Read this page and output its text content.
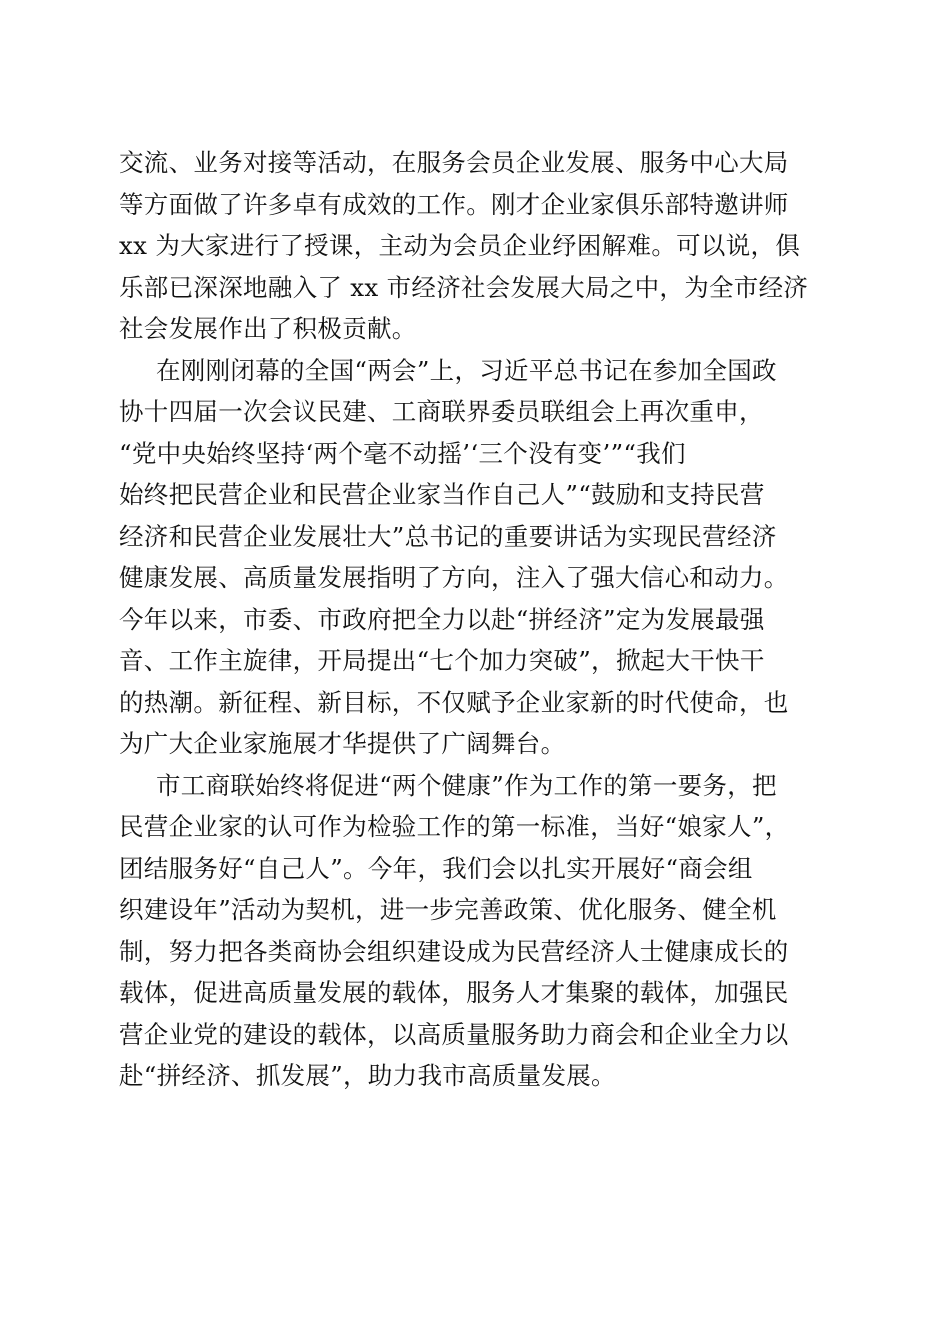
交流、业务对接等活动，在服务会员企业发展、服务中心大局
等方面做了许多卓有成效的工作。刚才企业家俱乐部特邀讲师
xx 为大家进行了授课，主动为会员企业纾困解难。可以说，俱
乐部已深深地融入了 xx 市经济社会发展大局之中，为全市经济
社会发展作出了积极贡献。
在刚刚闭幕的全国“两会”上，习近平总书记在参加全国政
协十四届一次会议民建、工商联界委员联组会上再次重申，
“党中央始终坚持‘两个毫不动摇’‘三个没有变’”“我们
始终把民营企业和民营企业家当作自己人”“鼓励和支持民营
经济和民营企业发展壮大”总书记的重要讲话为实现民营经济
健康发展、高质量发展指明了方向，注入了强大信心和动力。
今年以来，市委、市政府把全力以赴“拼经济”定为发展最强
音、工作主旋律，开局提出“七个加力突破”，掀起大干快干
的热潮。新征程、新目标，不仅赋予企业家新的时代使命，也
为广大企业家施展才华提供了广阔舞台。
市工商联始终将促进“两个健康”作为工作的第一要务，把
民营企业家的认可作为检验工作的第一标准，当好“娘家人”，
团结服务好“自己人”。今年，我们会以扎实开展好“商会组
织建设年”活动为契机，进一步完善政策、优化服务、健全机
制，努力把各类商协会组织建设成为民营经济人士健康成长的
载体，促进高质量发展的载体，服务人才集聚的载体，加强民
营企业党的建设的载体，以高质量服务助力商会和企业全力以
赴“拼经济、抓发展”，助力我市高质量发展。
